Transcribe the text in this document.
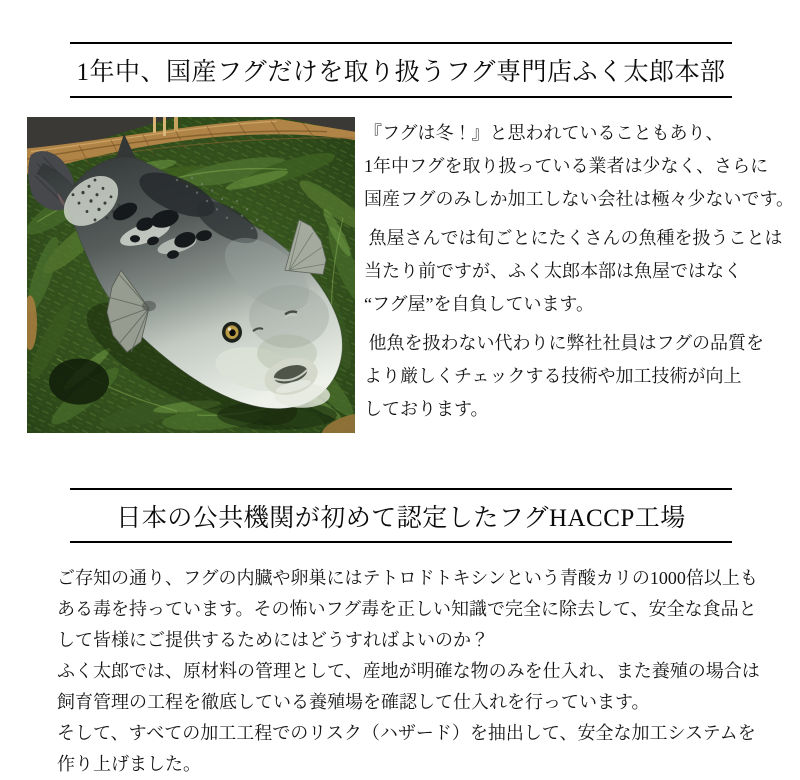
1年中、国産フグだけを取り扱うフグ専門店ふく太郎本部
『フグは冬！』と思われていることもあり、
1年中フグを取り扱っている業者は少なく、さらに
国産フグのみしか加工しない会社は極々少ないです。
魚屋さんでは旬ごとにたくさんの魚種を扱うことは
当たり前ですが、ふく太郎本部は魚屋ではなく
“フグ屋”を自負しています。
他魚を扱わない代わりに弊社社員はフグの品質を
より厳しくチェックする技術や加工技術が向上
しております。
日本の公共機関が初めて認定したフグHACCP工場
ご存知の通り、フグの内臓や卵巣にはテトロドトキシンという青酸カリの1000倍以上も
ある毒を持っています。その怖いフグ毒を正しい知識で完全に除去して、安全な食品と
して皆様にご提供するためにはどうすればよいのか？
ふく太郎では、原材料の管理として、産地が明確な物のみを仕入れ、また養殖の場合は
飼育管理の工程を徹底している養殖場を確認して仕入れを行っています。
そして、すべての加工工程でのリスク（ハザード）を抽出して、安全な加工システムを
作り上げました。
